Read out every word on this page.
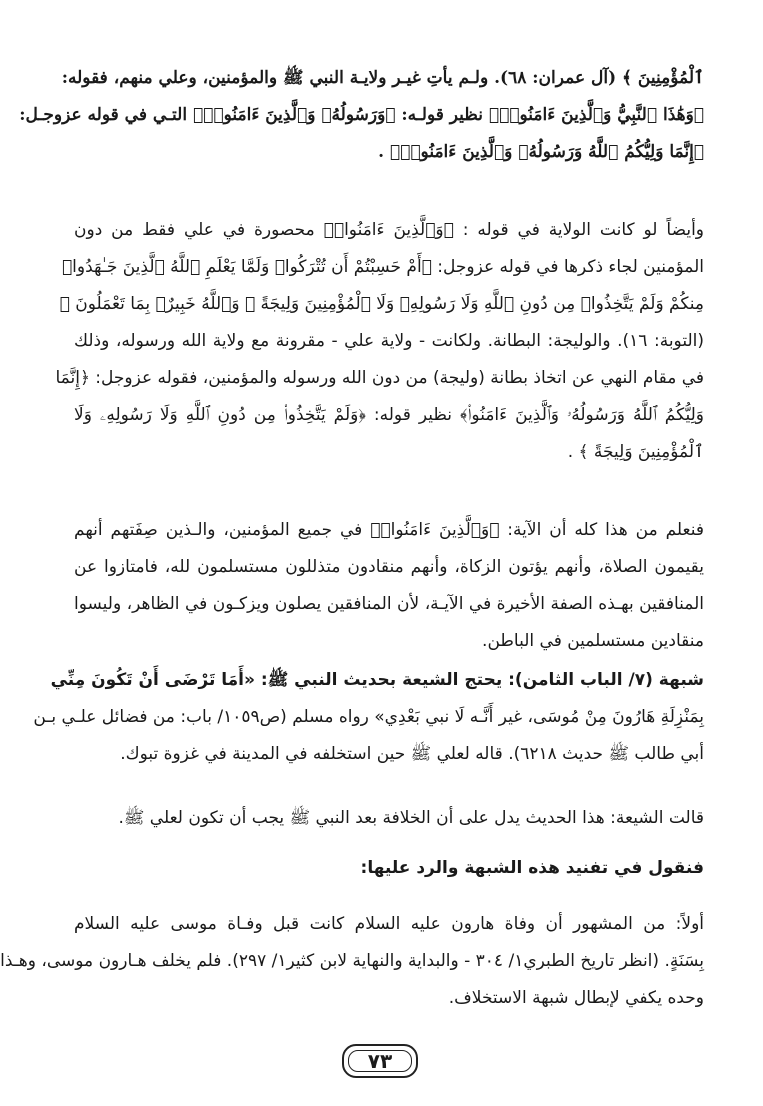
ٱلْمُؤْمِنِينَ ﴾ (آل عمران: ٦٨). ولـم يأتِ غيـر ولايـة النبي ﷺ والمؤمنين، وعلي منهم، فقوله:
﴿وَهَٰذَا ٱلنَّبِيُّ وَٱلَّذِينَ ءَامَنُوا۟﴾ نظير قولـه: ﴿وَرَسُولُهُۥ وَٱلَّذِينَ ءَامَنُوا۟﴾ التـي في قوله عزوجـل:
﴿إِنَّمَا وَلِيُّكُمُ ٱللَّهُ وَرَسُولُهُۥ وَٱلَّذِينَ ءَامَنُوا۟﴾ .
وأيضاً لو كانت الولاية في قوله : ﴿وَٱلَّذِينَ ءَامَنُوا۟﴾ محصورة في علي فقط من دون
المؤمنين لجاء ذكرها في قوله عزوجل: ﴿أَمْ حَسِبْتُمْ أَن تُتْرَكُوا۟ وَلَمَّا يَعْلَمِ ٱللَّهُ ٱلَّذِينَ جَـٰهَدُوا۟
مِنكُمْ وَلَمْ يَتَّخِذُوا۟ مِن دُونِ ٱللَّهِ وَلَا رَسُولِهِۦ وَلَا ٱلْمُؤْمِنِينَ وَلِيجَةً ۚ وَٱللَّهُ خَبِيرٌۢ بِمَا تَعْمَلُونَ ﴾
(التوبة: ١٦). والوليجة: البطانة. ولكانت - ولاية علي - مقرونة مع ولاية الله ورسوله، وذلك
في مقام النهي عن اتخاذ بطانة (وليجة) من دون الله ورسوله والمؤمنين، فقوله عزوجل: ﴿إِنَّمَا
وَلِيُّكُمُ ٱللَّهُ وَرَسُولُهُۥ وَٱلَّذِينَ ءَامَنُوا۟﴾ نظير قوله: ﴿وَلَمْ يَتَّخِذُوا۟ مِن دُونِ ٱللَّهِ وَلَا رَسُولِهِۦ وَلَا
ٱلْمُؤْمِنِينَ وَلِيجَةً ﴾ .
فنعلم من هذا كله أن الآية: ﴿وَٱلَّذِينَ ءَامَنُوا۟﴾ في جميع المؤمنين، والـذين صِفَتهم أنهم
يقيمون الصلاة، وأنهم يؤتون الزكاة، وأنهم منقادون متذللون مستسلمون لله، فامتازوا عن
المنافقين بهـذه الصفة الأخيرة في الآيـة، لأن المنافقين يصلون ويزكـون في الظاهر، وليسوا
منقادين مستسلمين في الباطن.
شبهة (٧/ الباب الثامن): يحتج الشيعة بحديث النبي ﷺ: «أَمَا تَرْضَى أَنْ تَكُونَ مِنِّي
بِمَنْزِلَةِ هَارُونَ مِنْ مُوسَى، غير أَنَّـه لَا نبي بَعْدِي» رواه مسلم (ص١٠٥٩/ باب: من فضائل علـي بـن
أبي طالب ﷺ حديث ٦٢١٨). قاله لعلي ﷺ حين استخلفه في المدينة في غزوة تبوك.
قالت الشيعة: هذا الحديث يدل على أن الخلافة بعد النبي ﷺ يجب أن تكون لعلي ﷺ.
فنقول في تفنيد هذه الشبهة والرد عليها:
أولاً: من المشهور أن وفاة هارون عليه السلام كانت قبل وفـاة موسى عليه السلام
بِسَنَةٍ. (انظر تاريخ الطبري١/ ٣٠٤ - والبداية والنهاية لابن كثير١/ ٢٩٧). فلم يخلف هـارون موسى، وهـذا
وحده يكفي لإبطال شبهة الاستخلاف.
٧٣
